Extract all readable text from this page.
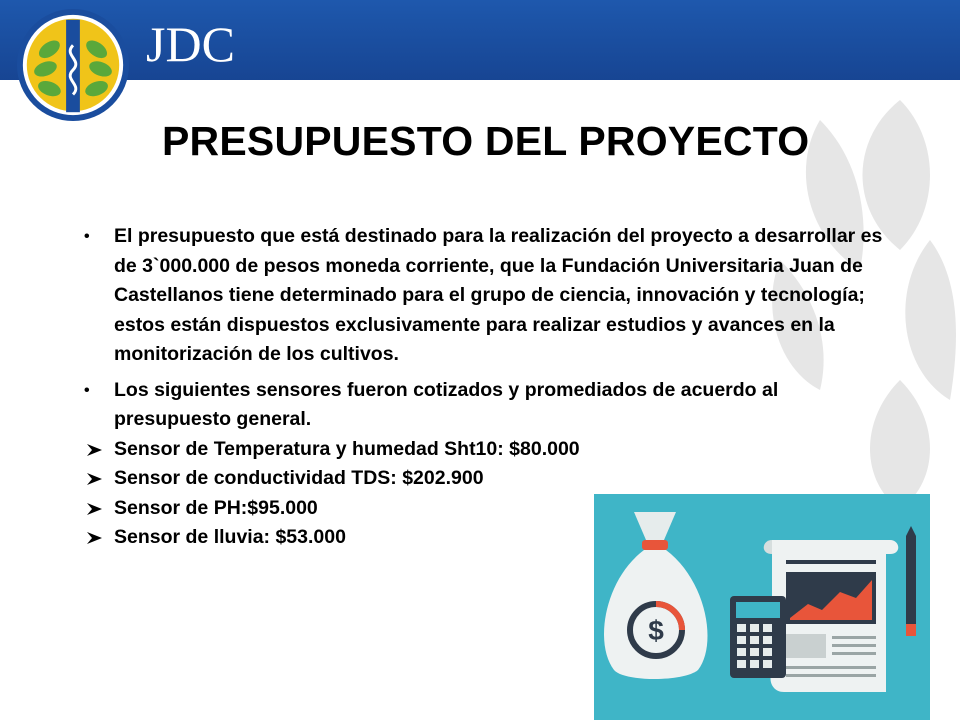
JDC
PRESUPUESTO DEL PROYECTO
•	El presupuesto que está destinado para la realización del proyecto a desarrollar es de 3`000.000 de pesos moneda corriente, que la Fundación Universitaria Juan de Castellanos tiene determinado para el grupo de ciencia, innovación y tecnología; estos están dispuestos exclusivamente para realizar estudios y avances en la monitorización de los cultivos.
•	Los siguientes sensores fueron cotizados y promediados de acuerdo al presupuesto general.
Sensor de Temperatura y humedad Sht10: $80.000
Sensor de conductividad TDS: $202.900
Sensor de PH:$95.000
Sensor de lluvia: $53.000
$
